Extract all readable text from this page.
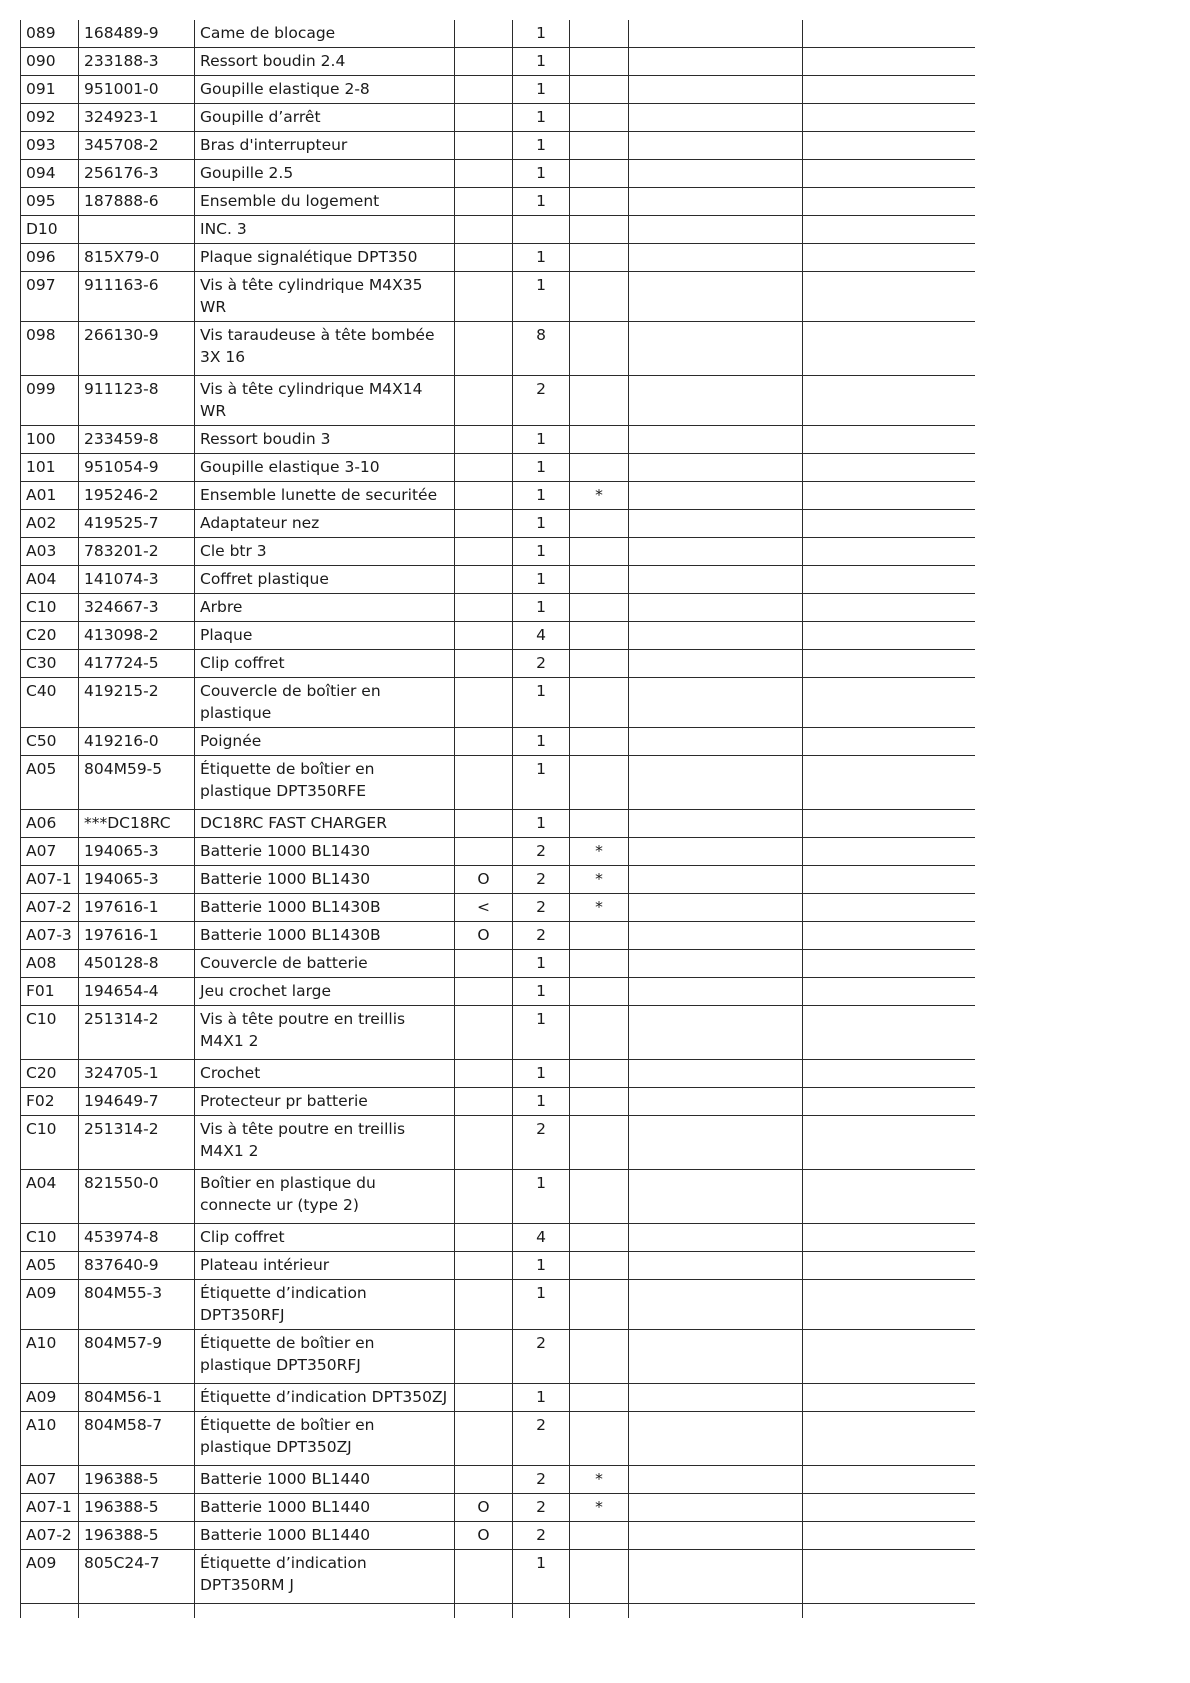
089	168489-9	Came de blocage		1			
090	233188-3	Ressort boudin 2.4		1			
091	951001-0	Goupille elastique 2-8		1			
092	324923-1	Goupille d’arrêt		1			
093	345708-2	Bras d'interrupteur		1			
094	256176-3	Goupille 2.5		1			
095	187888-6	Ensemble du logement		1			
D10		INC. 3					
096	815X79-0	Plaque signalétique DPT350		1			
097	911163-6	Vis à tête cylindrique M4X35 WR		1			
098	266130-9	Vis taraudeuse à tête bombée 3X 16		8			
099	911123-8	Vis à tête cylindrique M4X14 WR		2			
100	233459-8	Ressort boudin 3		1			
101	951054-9	Goupille elastique 3-10		1			
A01	195246-2	Ensemble lunette de securitée		1	*		
A02	419525-7	Adaptateur nez		1			
A03	783201-2	Cle btr 3		1			
A04	141074-3	Coffret plastique		1			
C10	324667-3	Arbre		1			
C20	413098-2	Plaque		4			
C30	417724-5	Clip coffret		2			
C40	419215-2	Couvercle de boîtier en plastique		1			
C50	419216-0	Poignée		1			
A05	804M59-5	Étiquette de boîtier en plastique DPT350RFE		1			
A06	***DC18RC	DC18RC FAST CHARGER		1			
A07	194065-3	Batterie 1000 BL1430		2	*		
A07-1	194065-3	Batterie 1000 BL1430	O	2	*		
A07-2	197616-1	Batterie 1000 BL1430B	<	2	*		
A07-3	197616-1	Batterie 1000 BL1430B	O	2			
A08	450128-8	Couvercle de batterie		1			
F01	194654-4	Jeu crochet large		1			
C10	251314-2	Vis à tête poutre en treillis M4X1 2		1			
C20	324705-1	Crochet		1			
F02	194649-7	Protecteur pr batterie		1			
C10	251314-2	Vis à tête poutre en treillis M4X1 2		2			
A04	821550-0	Boîtier en plastique du connecte ur (type 2)		1			
C10	453974-8	Clip coffret		4			
A05	837640-9	Plateau intérieur		1			
A09	804M55-3	Étiquette d’indication DPT350RFJ		1			
A10	804M57-9	Étiquette de boîtier en plastique DPT350RFJ		2			
A09	804M56-1	Étiquette d’indication DPT350ZJ		1			
A10	804M58-7	Étiquette de boîtier en plastique DPT350ZJ		2			
A07	196388-5	Batterie 1000 BL1440		2	*		
A07-1	196388-5	Batterie 1000 BL1440	O	2	*		
A07-2	196388-5	Batterie 1000 BL1440	O	2			
A09	805C24-7	Étiquette d’indication DPT350RM J		1			
